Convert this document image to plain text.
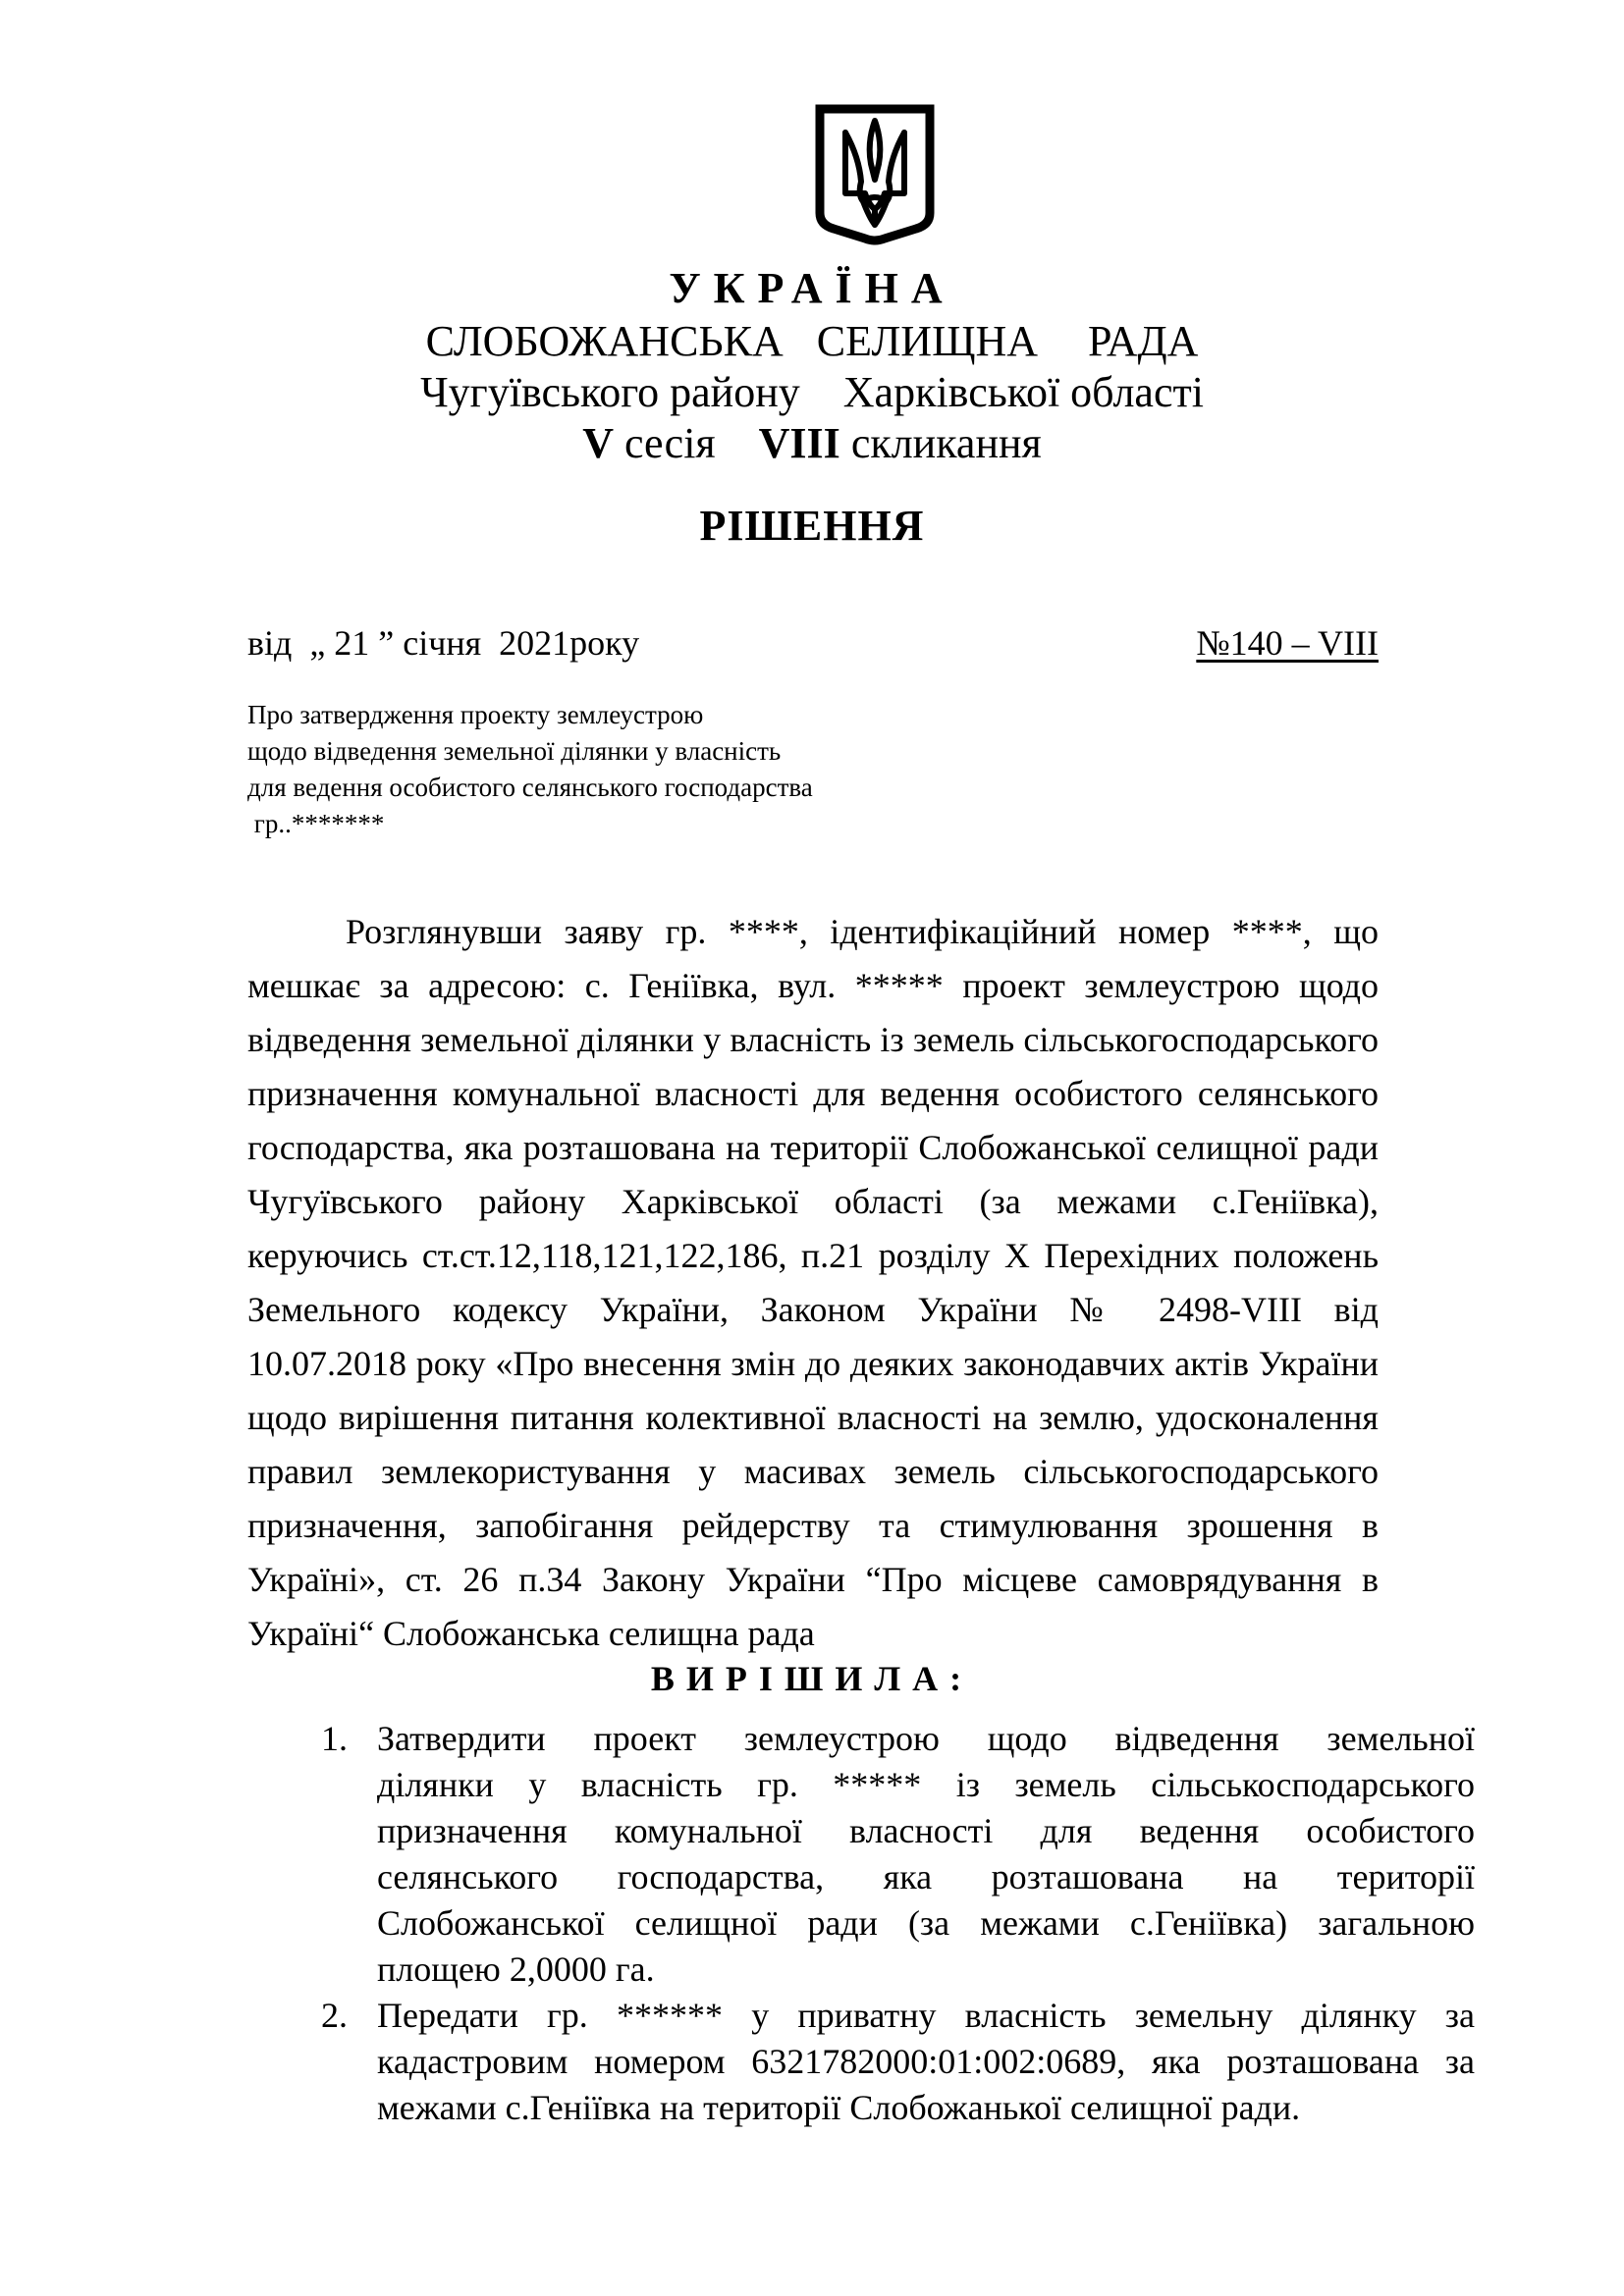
УКРАЇНА
СЛОБОЖАНСЬКА  СЕЛИЩНА   РАДА
Чугуївського району    Харківської області
V сесія    VIII скликання
РІШЕННЯ
від  „ 21 ” січня  2021року	№140 – VIII
Про затвердження проекту землеустрою
щодо відведення земельної ділянки у власність
для ведення особистого селянського господарства
гр..*******
Розглянувши заяву гр. ****, ідентифікаційний номер ****, що
мешкає за адресою: с. Геніївка, вул. ***** проект землеустрою щодо
відведення земельної ділянки у власність із земель сільськогосподарського
призначення комунальної власності для ведення особистого селянського
господарства, яка розташована на території Слобожанської селищної ради
Чугуївського району Харківської області (за межами с.Геніївка),
керуючись ст.ст.12,118,121,122,186, п.21 розділу Х Перехідних положень
Земельного кодексу України, Законом України № 2498-VIII від
10.07.2018 року «Про внесення змін до деяких законодавчих актів України
щодо вирішення питання колективної власності на землю, удосконалення
правил землекористування у масивах земель сільськогосподарського
призначення, запобігання рейдерству та стимулювання зрошення в
Україні», ст. 26 п.34 Закону України “Про місцеве самоврядування в
Україні“ Слобожанська селищна рада
ВИРІШИЛА:
1. Затвердити проект землеустрою щодо відведення земельної
ділянки у власність гр. ***** із земель сільськосподарського
призначення комунальної власності для ведення особистого
селянського господарства, яка розташована на території
Слобожанської селищної ради (за межами с.Геніївка) загальною
площею 2,0000 га.
2. Передати гр. ****** у приватну власність земельну ділянку за
кадастровим номером 6321782000:01:002:0689, яка розташована за
межами с.Геніївка на території Слобожанької селищної ради.
